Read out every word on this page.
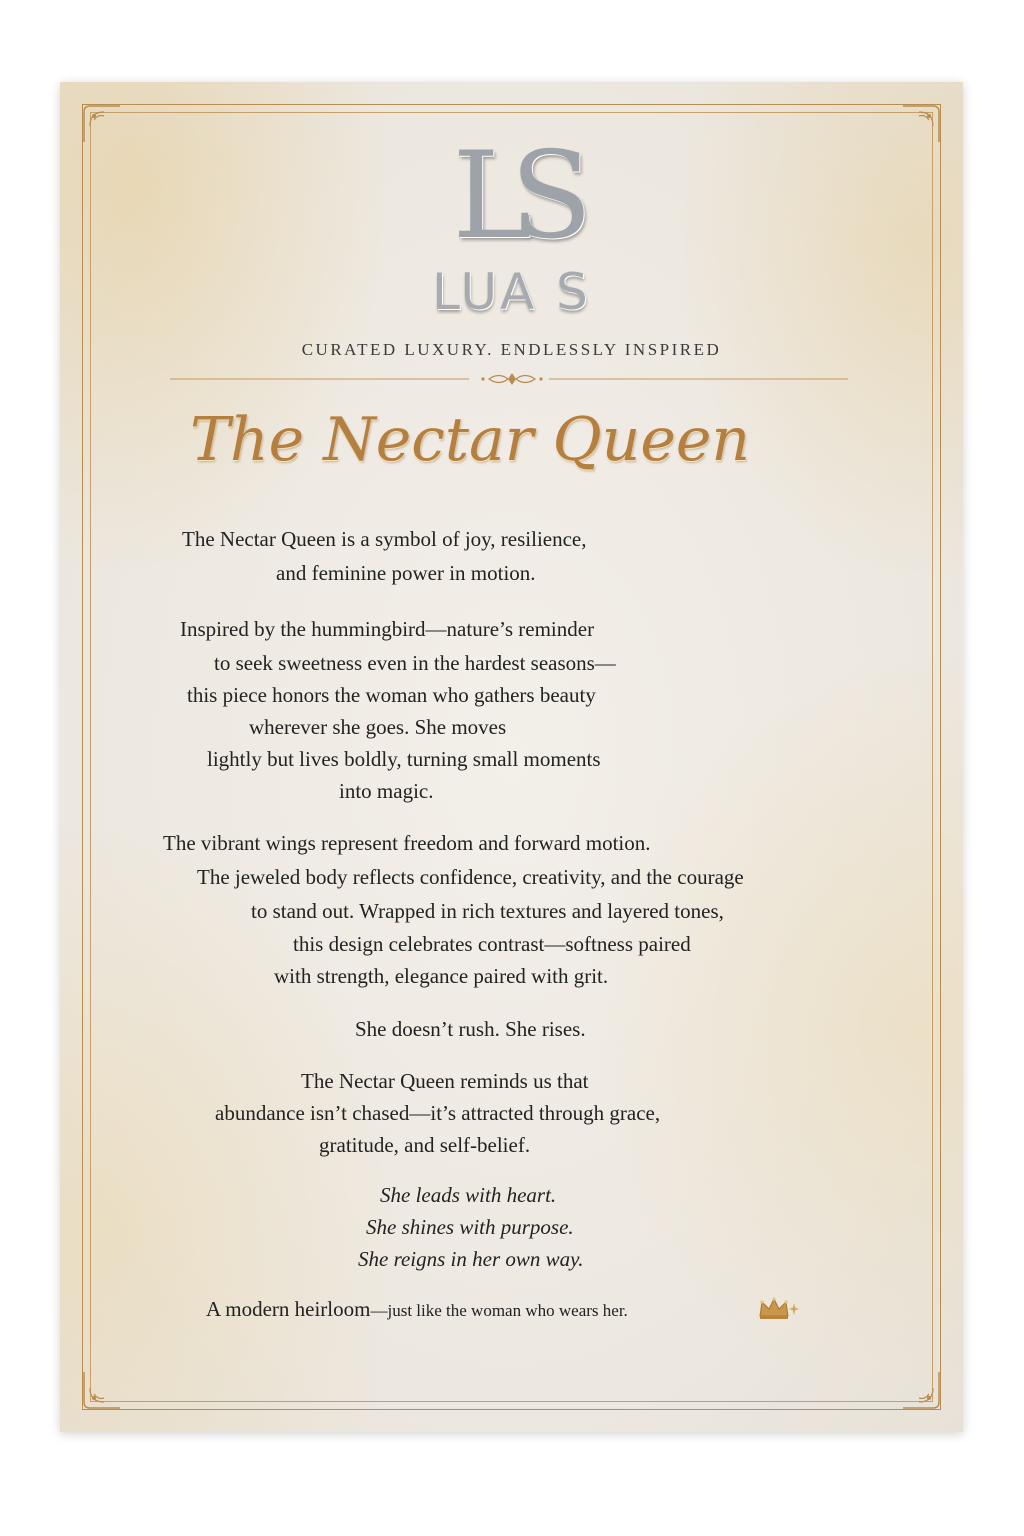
LS
LUA S
CURATED LUXURY. ENDLESSLY INSPIRED
The Nectar Queen
The Nectar Queen is a symbol of joy, resilience,
and feminine power in motion.
Inspired by the hummingbird—nature’s reminder
to seek sweetness even in the hardest seasons—
this piece honors the woman who gathers beauty
wherever she goes. She moves
lightly but lives boldly, turning small moments
into magic.
The vibrant wings represent freedom and forward motion.
The jeweled body reflects confidence, creativity, and the courage
to stand out. Wrapped in rich textures and layered tones,
this design celebrates contrast—softness paired
with strength, elegance paired with grit.
She doesn’t rush. She rises.
The Nectar Queen reminds us that
abundance isn’t chased—it’s attracted through grace,
gratitude, and self-belief.
She leads with heart.
She shines with purpose.
She reigns in her own way.
A modern heirloom—just like the woman who wears her.
